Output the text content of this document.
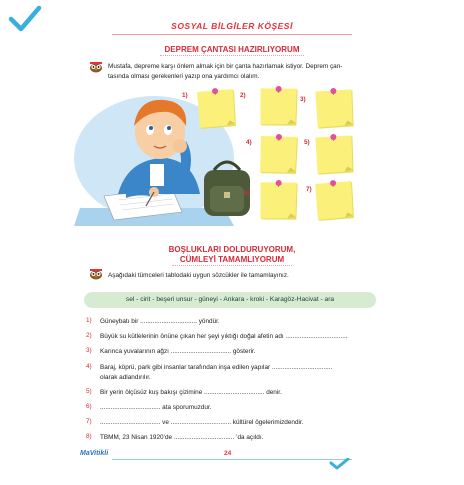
SOSYAL BİLGİLER KÖŞESİ
DEPREM ÇANTASI HAZIRLIYORUM
Mustafa, depreme karşı önlem almak için bir çanta hazırlamak istiyor. Deprem çan-
tasında olması gerekenleri yazıp ona yardımcı olalım.
1)	2)
3)
4)	5)
6)
7)
BOŞLUKLARI DOLDURUYORUM,
CÜMLEYİ TAMAMLIYORUM
Aşağıdaki tümceleri tablodaki uygun sözcükler ile tamamlayınız.
sel - cirit - beşeri unsur - güneyi - Ankara - kroki - Karagöz-Hacivat - ara
1) Güneybatı bir ................................ yöndür.
2) Büyük su kütlelerinin önüne çıkan her şeyi yıktığı doğal afetin adı ...................................
3) Karınca yuvalarının ağzı .................................. gösterir.
4) Baraj, köprü, park gibi insanlar tarafından inşa edilen yapılar ..................................
olarak adlandırılır.
5) Bir yerin ölçüsüz kuş bakışı çizimine .................................. denir.
6) .................................. ata sporumuzdur.
7) .................................. ve .................................. kültürel ögelerimizdendir.
8) TBMM, 23 Nisan 1920’de .................................. ’da açıldı.
MaVitikli	24
